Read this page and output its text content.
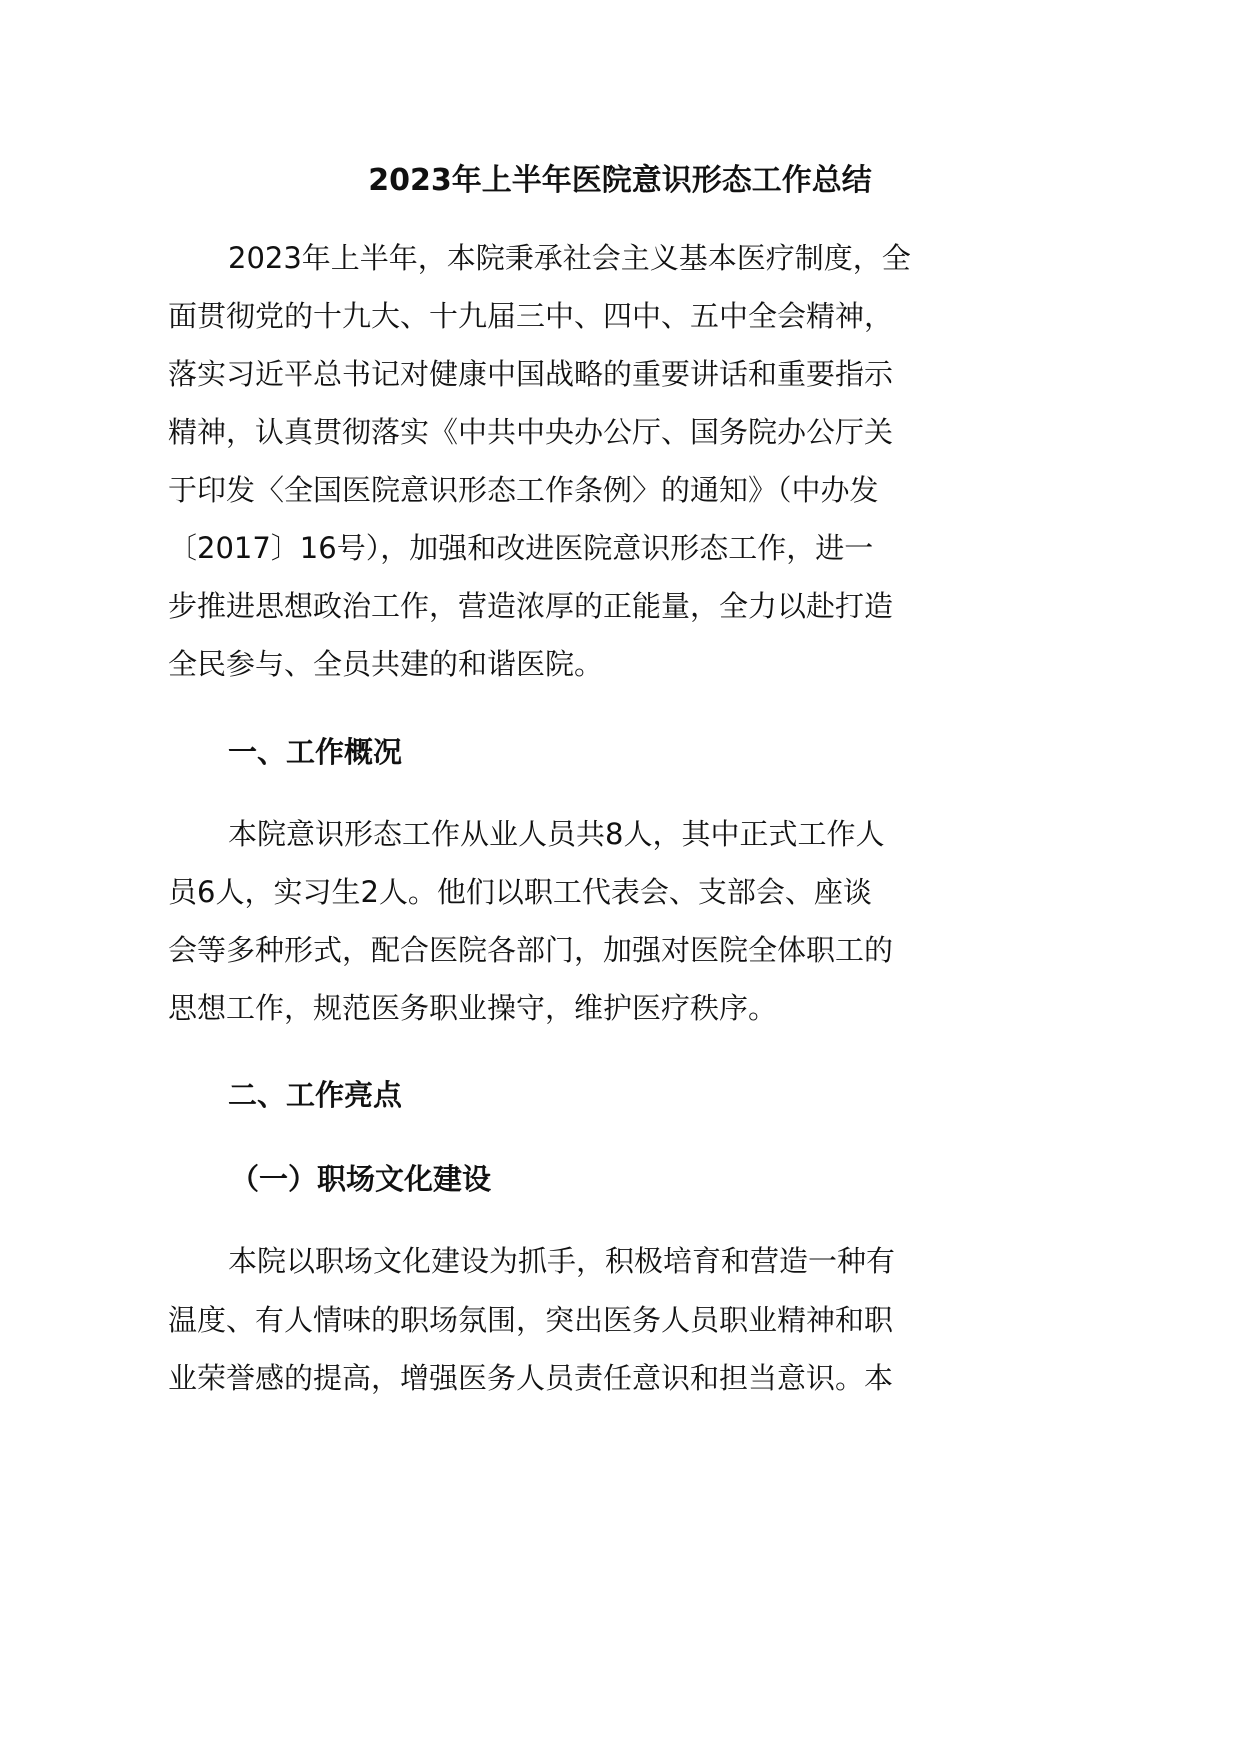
2023年上半年医院意识形态工作总结
2023年上半年，本院秉承社会主义基本医疗制度，全
面贯彻党的十九大、十九届三中、四中、五中全会精神，
落实习近平总书记对健康中国战略的重要讲话和重要指示
精神，认真贯彻落实《中共中央办公厅、国务院办公厅关
于印发〈全国医院意识形态工作条例〉的通知》（中办发
〔2017〕16号），加强和改进医院意识形态工作，进一
步推进思想政治工作，营造浓厚的正能量，全力以赴打造
全民参与、全员共建的和谐医院。
一、工作概况
本院意识形态工作从业人员共8人，其中正式工作人
员6人，实习生2人。他们以职工代表会、支部会、座谈
会等多种形式，配合医院各部门，加强对医院全体职工的
思想工作，规范医务职业操守，维护医疗秩序。
二、工作亮点
（一）职场文化建设
本院以职场文化建设为抓手，积极培育和营造一种有
温度、有人情味的职场氛围，突出医务人员职业精神和职
业荣誉感的提高，增强医务人员责任意识和担当意识。本
